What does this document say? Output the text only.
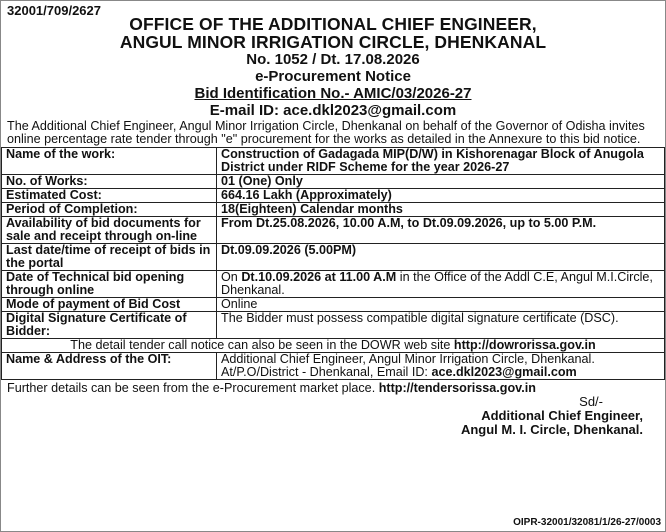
32001/709/2627
OFFICE OF THE ADDITIONAL CHIEF ENGINEER,
ANGUL MINOR IRRIGATION CIRCLE, DHENKANAL
No. 1052 / Dt. 17.08.2026
e-Procurement Notice
Bid Identification No.- AMIC/03/2026-27
E-mail ID: ace.dkl2023@gmail.com
The Additional Chief Engineer, Angul Minor Irrigation Circle, Dhenkanal on behalf of the Governor of Odisha invites online percentage rate tender through "e" procurement for the works as detailed in the Annexure to this bid notice.
Name of the work:	Construction of Gadagada MIP(D/W) in Kishorenagar Block of Anugola District under RIDF Scheme for the year 2026-27
No. of Works:	01 (One) Only
Estimated Cost:	664.16 Lakh (Approximately)
Period of Completion:	18(Eighteen) Calendar months
Availability of bid documents for sale and receipt through on-line	From Dt.25.08.2026, 10.00 A.M, to Dt.09.09.2026, up to 5.00 P.M.
Last date/time of receipt of bids in the portal	Dt.09.09.2026 (5.00PM)
Date of Technical bid opening through online	On Dt.10.09.2026 at 11.00 A.M in the Office of the Addl C.E, Angul M.I.Circle, Dhenkanal.
Mode of payment of Bid Cost	Online
Digital Signature Certificate of Bidder:	The Bidder must possess compatible digital signature certificate (DSC).
The detail tender call notice can also be seen in the DOWR web site http://dowrorissa.gov.in	
Name & Address of the OIT:	Additional Chief Engineer, Angul Minor Irrigation Circle, Dhenkanal.
At/P.O/District - Dhenkanal, Email ID: ace.dkl2023@gmail.com
Further details can be seen from the e-Procurement market place. http://tendersorissa.gov.in
Sd/-
Additional Chief Engineer,
Angul M. I. Circle, Dhenkanal.
OIPR-32001/32081/1/26-27/0003
